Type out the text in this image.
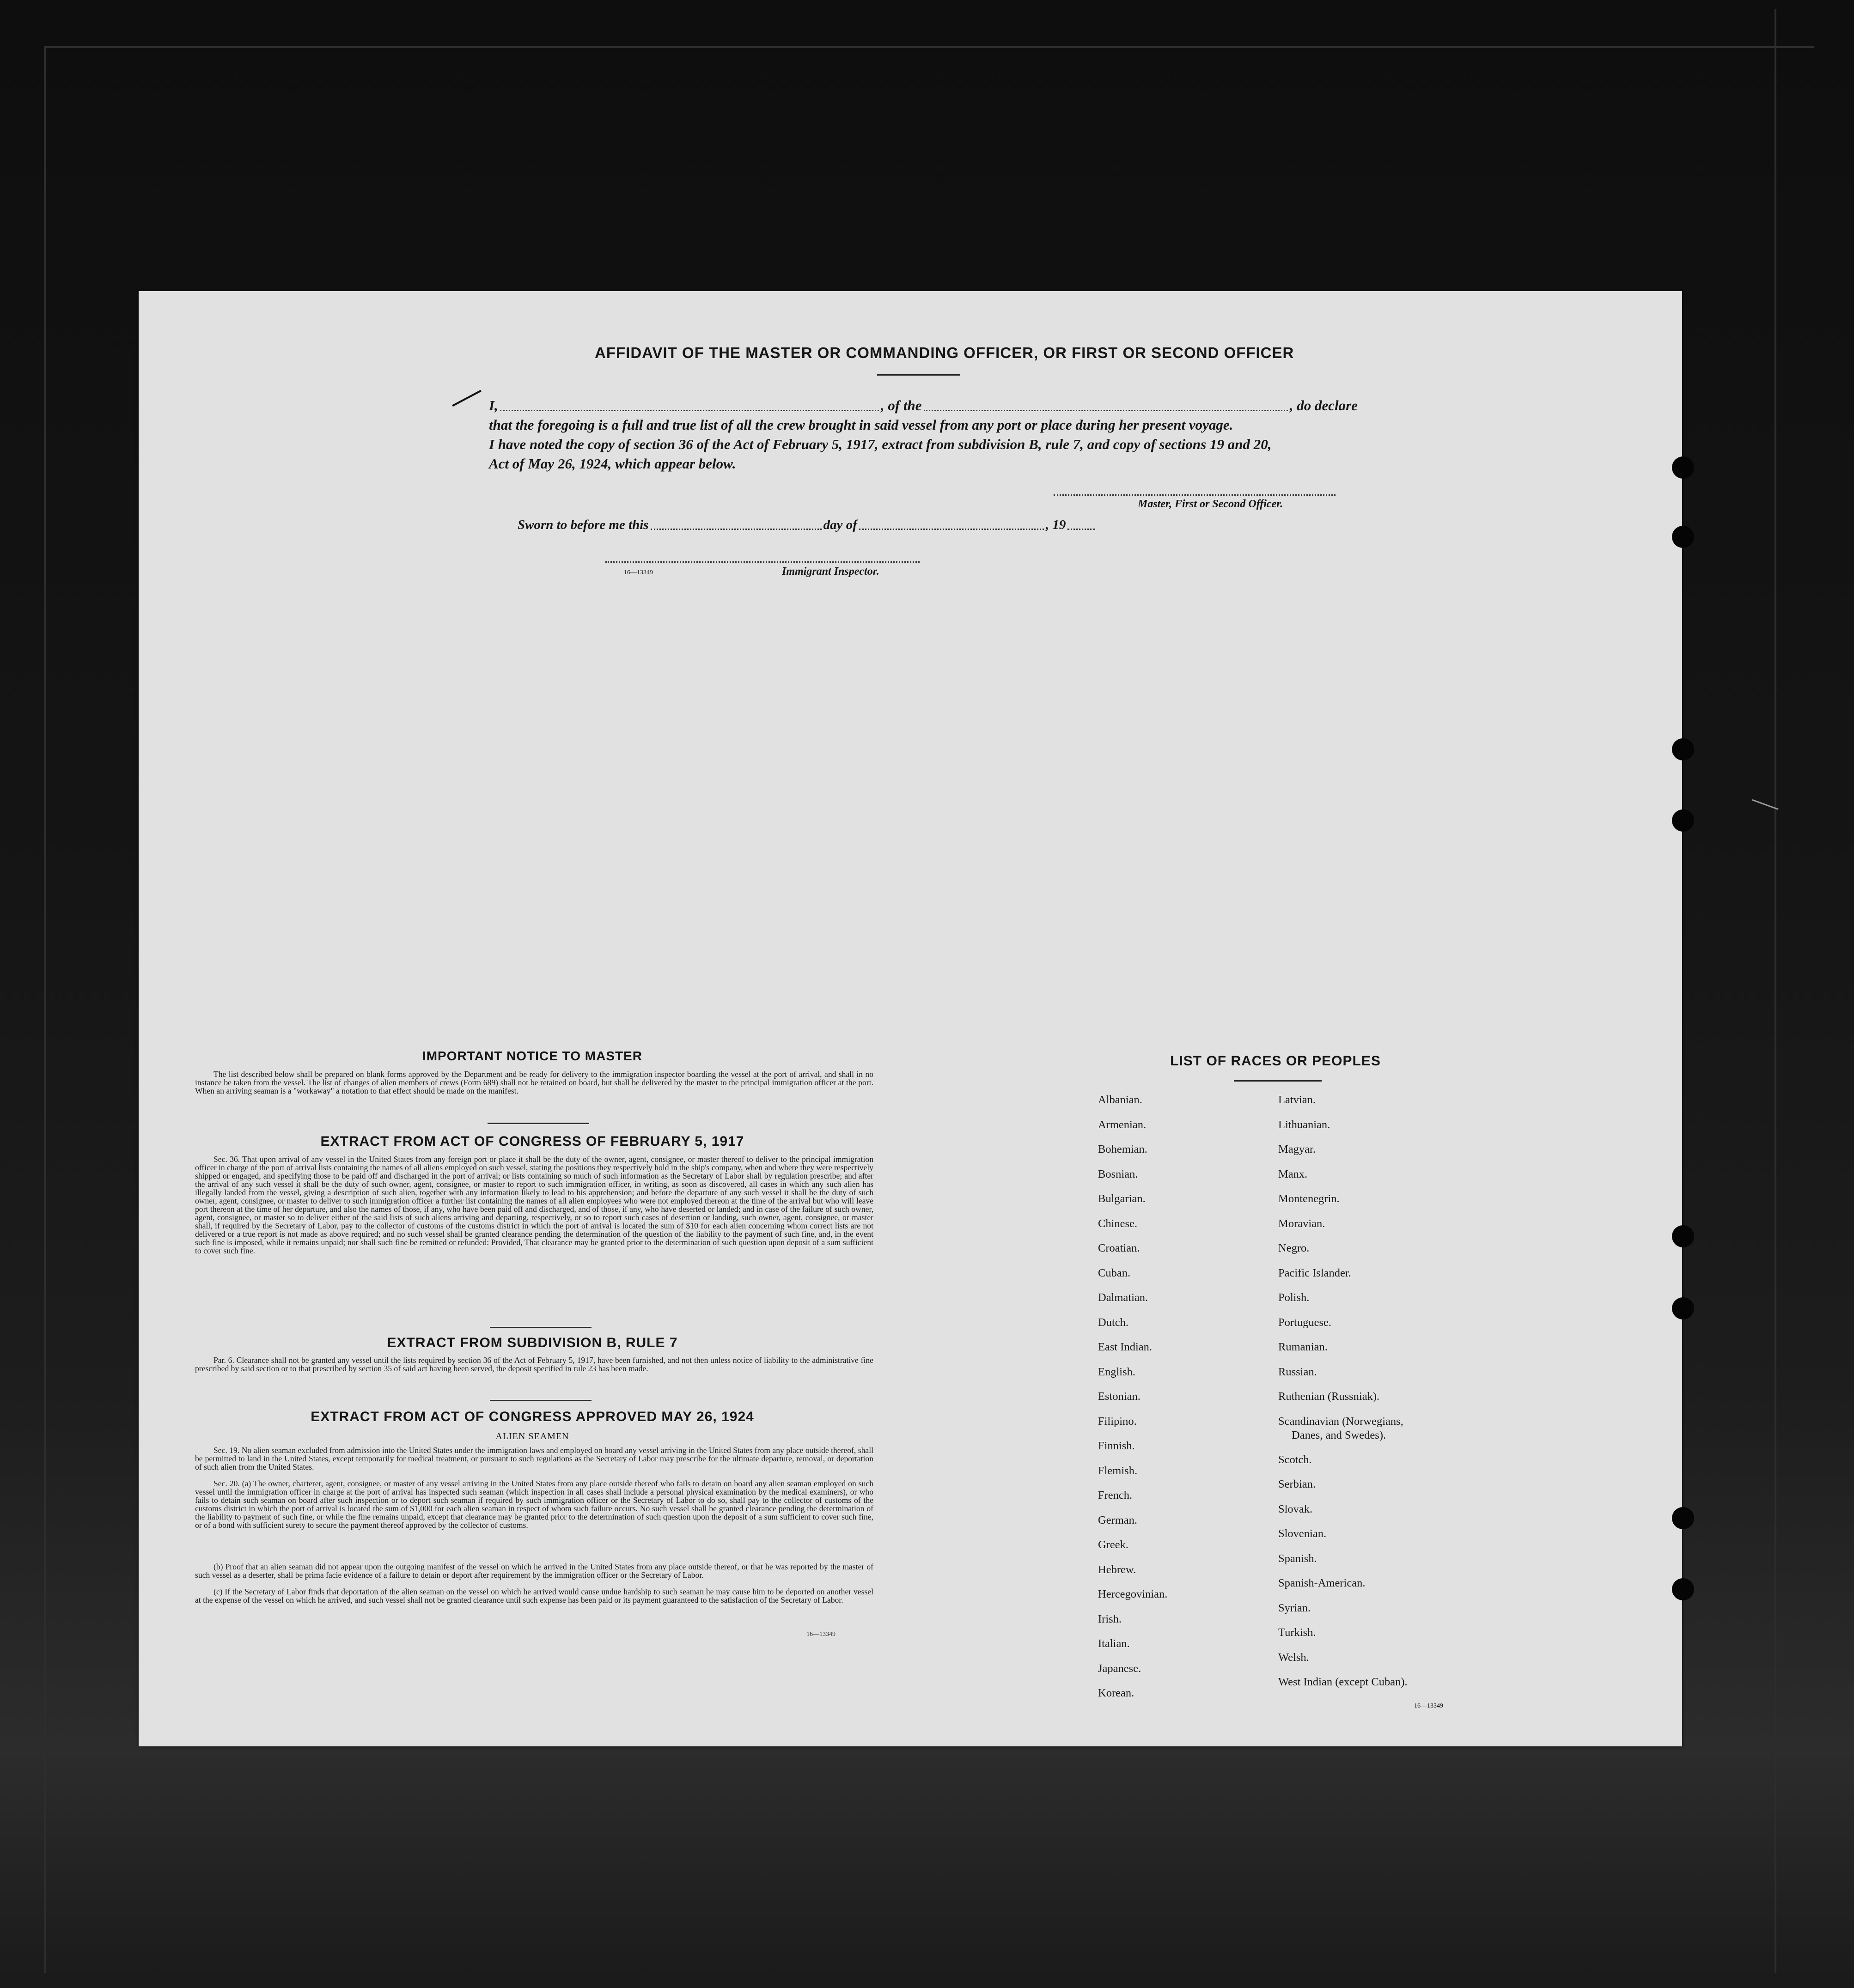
AFFIDAVIT OF THE MASTER OR COMMANDING OFFICER, OR FIRST OR SECOND OFFICER
I,	, of the	, do declare
that the foregoing is a full and true list of all the crew brought in said vessel from any port or place during her present voyage.
I have noted the copy of section 36 of the Act of February 5, 1917, extract from subdivision B, rule 7, and copy of sections 19 and 20,
Act of May 26, 1924, which appear below.
Master, First or Second Officer.
Sworn to before me this	day of	, 19
16—13349	Immigrant Inspector.
IMPORTANT NOTICE TO MASTER
The list described below shall be prepared on blank forms approved by the Department and be ready for delivery to the immigration inspector boarding the vessel at the port of arrival, and shall in no instance be taken from the vessel. The list of changes of alien members of crews (Form 689) shall not be retained on board, but shall be delivered by the master to the principal immigration officer at the port. When an arriving seaman is a "workaway" a notation to that effect should be made on the manifest.
EXTRACT FROM ACT OF CONGRESS OF FEBRUARY 5, 1917
Sec. 36. That upon arrival of any vessel in the United States from any foreign port or place it shall be the duty of the owner, agent, consignee, or master thereof to deliver to the principal immigration officer in charge of the port of arrival lists containing the names of all aliens employed on such vessel, stating the positions they respectively hold in the ship's company, when and where they were respectively shipped or engaged, and specifying those to be paid off and discharged in the port of arrival; or lists containing so much of such information as the Secretary of Labor shall by regulation prescribe; and after the arrival of any such vessel it shall be the duty of such owner, agent, consignee, or master to report to such immigration officer, in writing, as soon as discovered, all cases in which any such alien has illegally landed from the vessel, giving a description of such alien, together with any information likely to lead to his apprehension; and before the departure of any such vessel it shall be the duty of such owner, agent, consignee, or master to deliver to such immigration officer a further list containing the names of all alien employees who were not employed thereon at the time of the arrival but who will leave port thereon at the time of her departure, and also the names of those, if any, who have been paid off and discharged, and of those, if any, who have deserted or landed; and in case of the failure of such owner, agent, consignee, or master so to deliver either of the said lists of such aliens arriving and departing, respectively, or so to report such cases of desertion or landing, such owner, agent, consignee, or master shall, if required by the Secretary of Labor, pay to the collector of customs of the customs district in which the port of arrival is located the sum of $10 for each alien concerning whom correct lists are not delivered or a true report is not made as above required; and no such vessel shall be granted clearance pending the determination of the question of the liability to the payment of such fine, and, in the event such fine is imposed, while it remains unpaid; nor shall such fine be remitted or refunded: Provided, That clearance may be granted prior to the determination of such question upon deposit of a sum sufficient to cover such fine.
EXTRACT FROM SUBDIVISION B, RULE 7
Par. 6. Clearance shall not be granted any vessel until the lists required by section 36 of the Act of February 5, 1917, have been furnished, and not then unless notice of liability to the administrative fine prescribed by said section or to that prescribed by section 35 of said act having been served, the deposit specified in rule 23 has been made.
EXTRACT FROM ACT OF CONGRESS APPROVED MAY 26, 1924
ALIEN SEAMEN
Sec. 19. No alien seaman excluded from admission into the United States under the immigration laws and employed on board any vessel arriving in the United States from any place outside thereof, shall be permitted to land in the United States, except temporarily for medical treatment, or pursuant to such regulations as the Secretary of Labor may prescribe for the ultimate departure, removal, or deportation of such alien from the United States.
Sec. 20. (a) The owner, charterer, agent, consignee, or master of any vessel arriving in the United States from any place outside thereof who fails to detain on board any alien seaman employed on such vessel until the immigration officer in charge at the port of arrival has inspected such seaman (which inspection in all cases shall include a personal physical examination by the medical examiners), or who fails to detain such seaman on board after such inspection or to deport such seaman if required by such immigration officer or the Secretary of Labor to do so, shall pay to the collector of customs of the customs district in which the port of arrival is located the sum of $1,000 for each alien seaman in respect of whom such failure occurs. No such vessel shall be granted clearance pending the determination of the liability to payment of such fine, or while the fine remains unpaid, except that clearance may be granted prior to the determination of such question upon the deposit of a sum sufficient to cover such fine, or of a bond with sufficient surety to secure the payment thereof approved by the collector of customs.
(b) Proof that an alien seaman did not appear upon the outgoing manifest of the vessel on which he arrived in the United States from any place outside thereof, or that he was reported by the master of such vessel as a deserter, shall be prima facie evidence of a failure to detain or deport after requirement by the immigration officer or the Secretary of Labor.
(c) If the Secretary of Labor finds that deportation of the alien seaman on the vessel on which he arrived would cause undue hardship to such seaman he may cause him to be deported on another vessel at the expense of the vessel on which he arrived, and such vessel shall not be granted clearance until such expense has been paid or its payment guaranteed to the satisfaction of the Secretary of Labor.
16—13349
LIST OF RACES OR PEOPLES
Albanian.
Armenian.
Bohemian.
Bosnian.
Bulgarian.
Chinese.
Croatian.
Cuban.
Dalmatian.
Dutch.
East Indian.
English.
Estonian.
Filipino.
Finnish.
Flemish.
French.
German.
Greek.
Hebrew.
Hercegovinian.
Irish.
Italian.
Japanese.
Korean.
Latvian.
Lithuanian.
Magyar.
Manx.
Montenegrin.
Moravian.
Negro.
Pacific Islander.
Polish.
Portuguese.
Rumanian.
Russian.
Ruthenian (Russniak).
Scandinavian (Norwegians,
Danes, and Swedes).
Scotch.
Serbian.
Slovak.
Slovenian.
Spanish.
Spanish-American.
Syrian.
Turkish.
Welsh.
West Indian (except Cuban).
16—13349
